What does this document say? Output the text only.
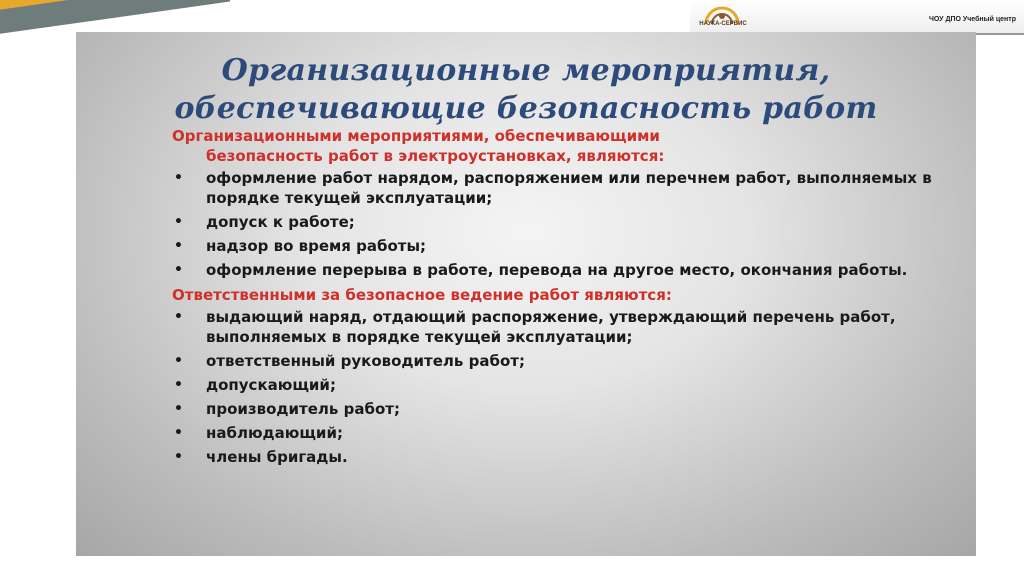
НАУКА-СЕРВИС
ЧОУ ДПО Учебный центр
Организационные мероприятия,
обеспечивающие безопасность работ
Организационными мероприятиями, обеспечивающими
безопасность работ в электроустановках, являются:
• оформление работ нарядом, распоряжением или перечнем работ, выполняемых в порядке текущей эксплуатации;
• допуск к работе;
• надзор во время работы;
• оформление перерыва в работе, перевода на другое место, окончания работы.
Ответственными за безопасное ведение работ являются:
• выдающий наряд, отдающий распоряжение, утверждающий перечень работ, выполняемых в порядке текущей эксплуатации;
• ответственный руководитель работ;
• допускающий;
• производитель работ;
• наблюдающий;
• члены бригады.
